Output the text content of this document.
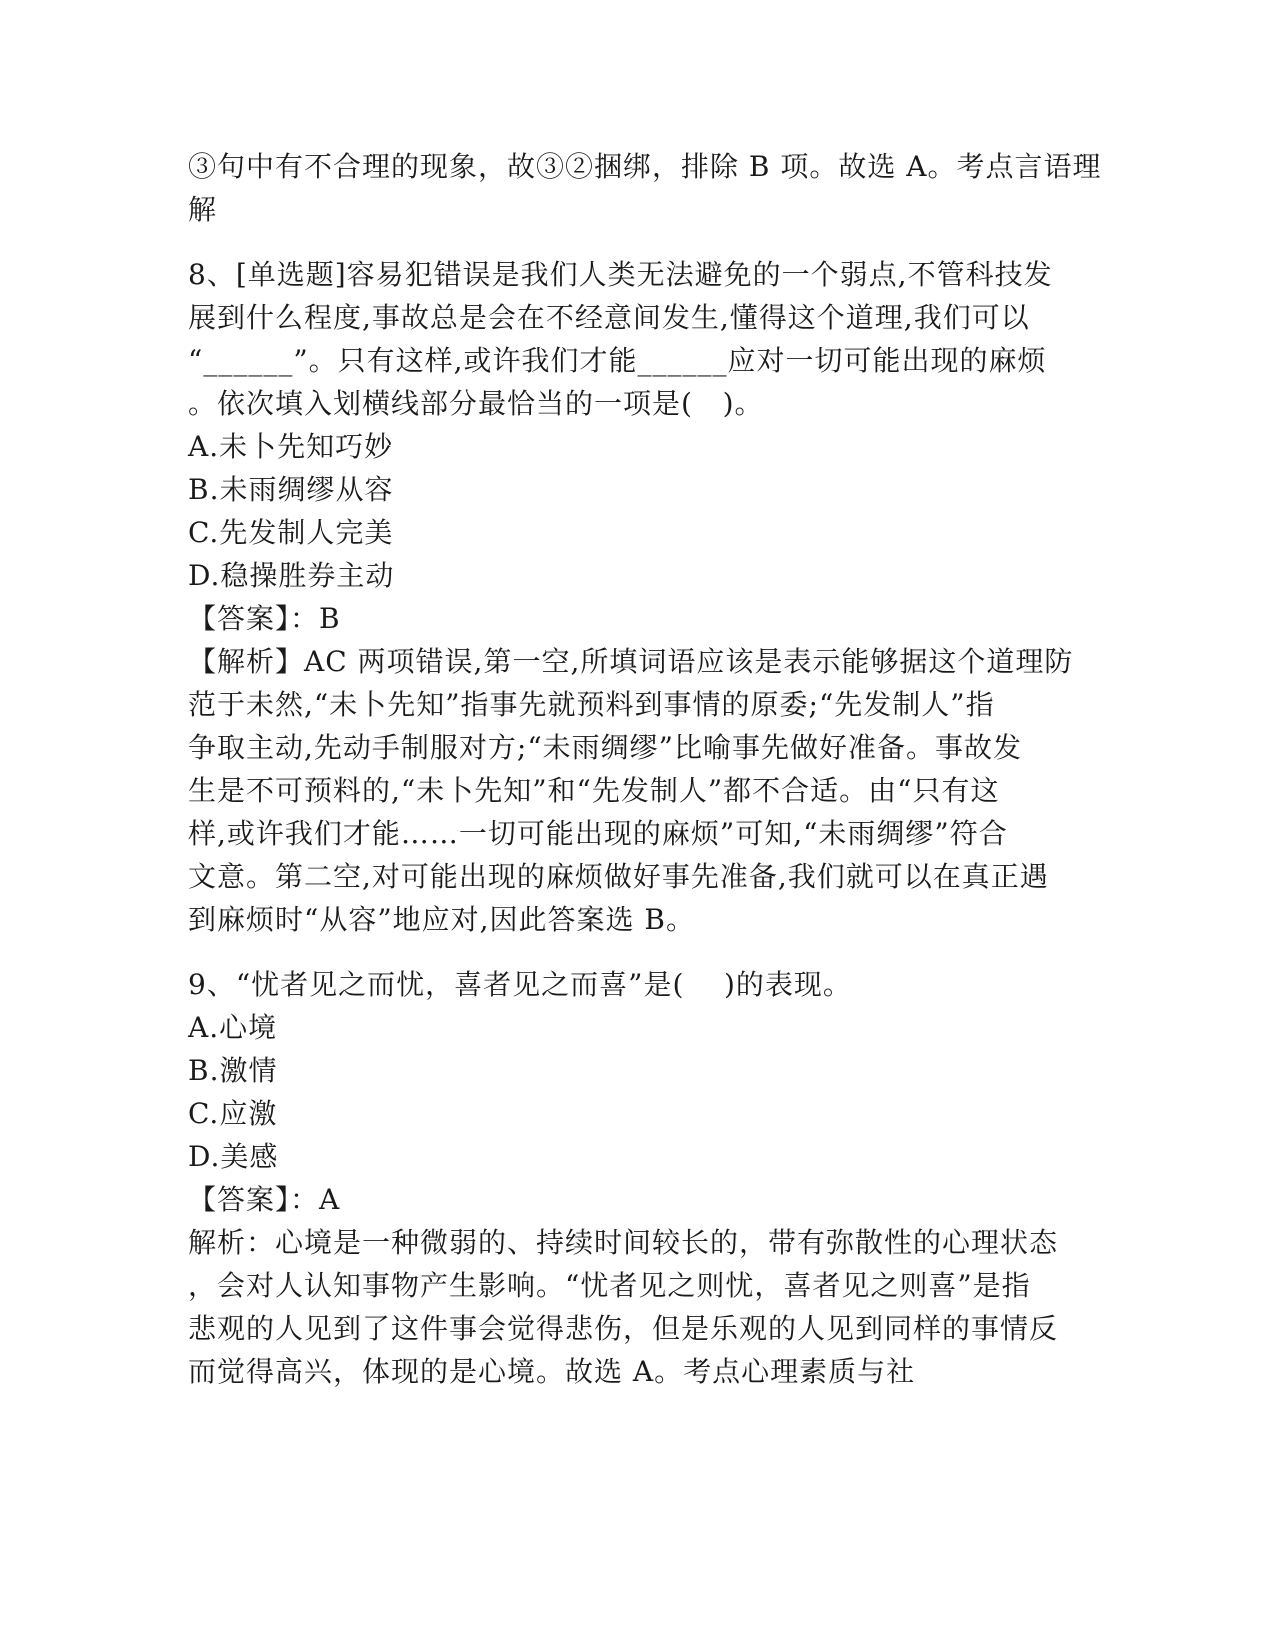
③句中有不合理的现象，故③②捆绑，排除 B 项。故选 A。考点言语理
解
8、[单选题]容易犯错误是我们人类无法避免的一个弱点,不管科技发
展到什么程度,事故总是会在不经意间发生,懂得这个道理,我们可以
“______”。只有这样,或许我们才能______应对一切可能出现的麻烦
。依次填入划横线部分最恰当的一项是(   )。
A.未卜先知巧妙
B.未雨绸缪从容
C.先发制人完美
D.稳操胜券主动
【答案】：B
【解析】AC 两项错误,第一空,所填词语应该是表示能够据这个道理防
范于未然,“未卜先知”指事先就预料到事情的原委;“先发制人”指
争取主动,先动手制服对方;“未雨绸缪”比喻事先做好准备。事故发
生是不可预料的,“未卜先知”和“先发制人”都不合适。由“只有这
样,或许我们才能……一切可能出现的麻烦”可知,“未雨绸缪”符合
文意。第二空,对可能出现的麻烦做好事先准备,我们就可以在真正遇
到麻烦时“从容”地应对,因此答案选 B。
9、“忧者见之而忧，喜者见之而喜”是(    )的表现。
A.心境
B.激情
C.应激
D.美感
【答案】：A
解析：心境是一种微弱的、持续时间较长的，带有弥散性的心理状态
，会对人认知事物产生影响。“忧者见之则忧，喜者见之则喜”是指
悲观的人见到了这件事会觉得悲伤，但是乐观的人见到同样的事情反
而觉得高兴，体现的是心境。故选 A。考点心理素质与社
